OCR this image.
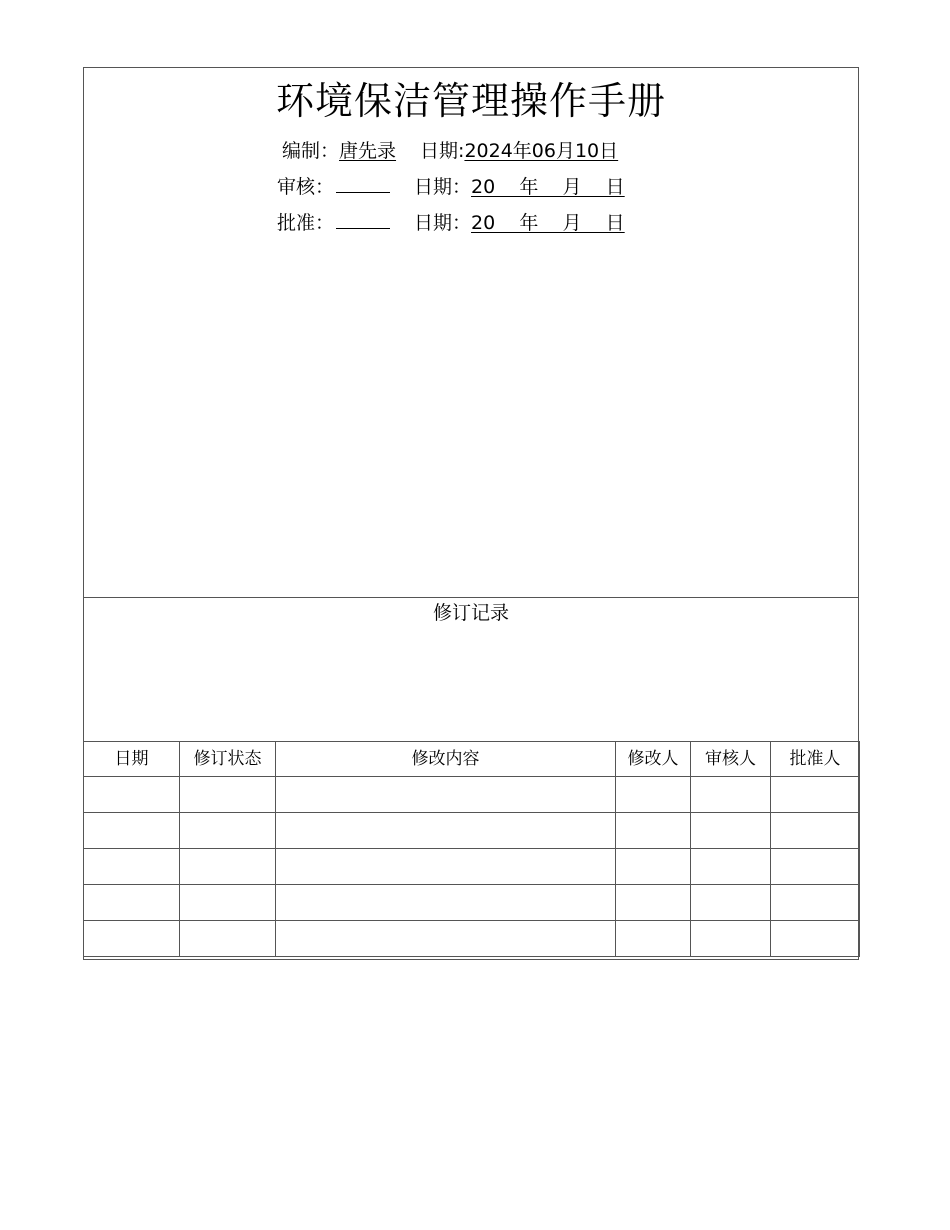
环境保洁管理操作手册
编制：唐先录 日期:2024年06月10日
审核：	日期：20    年    月    日
批准：	日期：20    年    月    日
修订记录
日期	修订状态	修改内容	修改人	审核人	批准人
